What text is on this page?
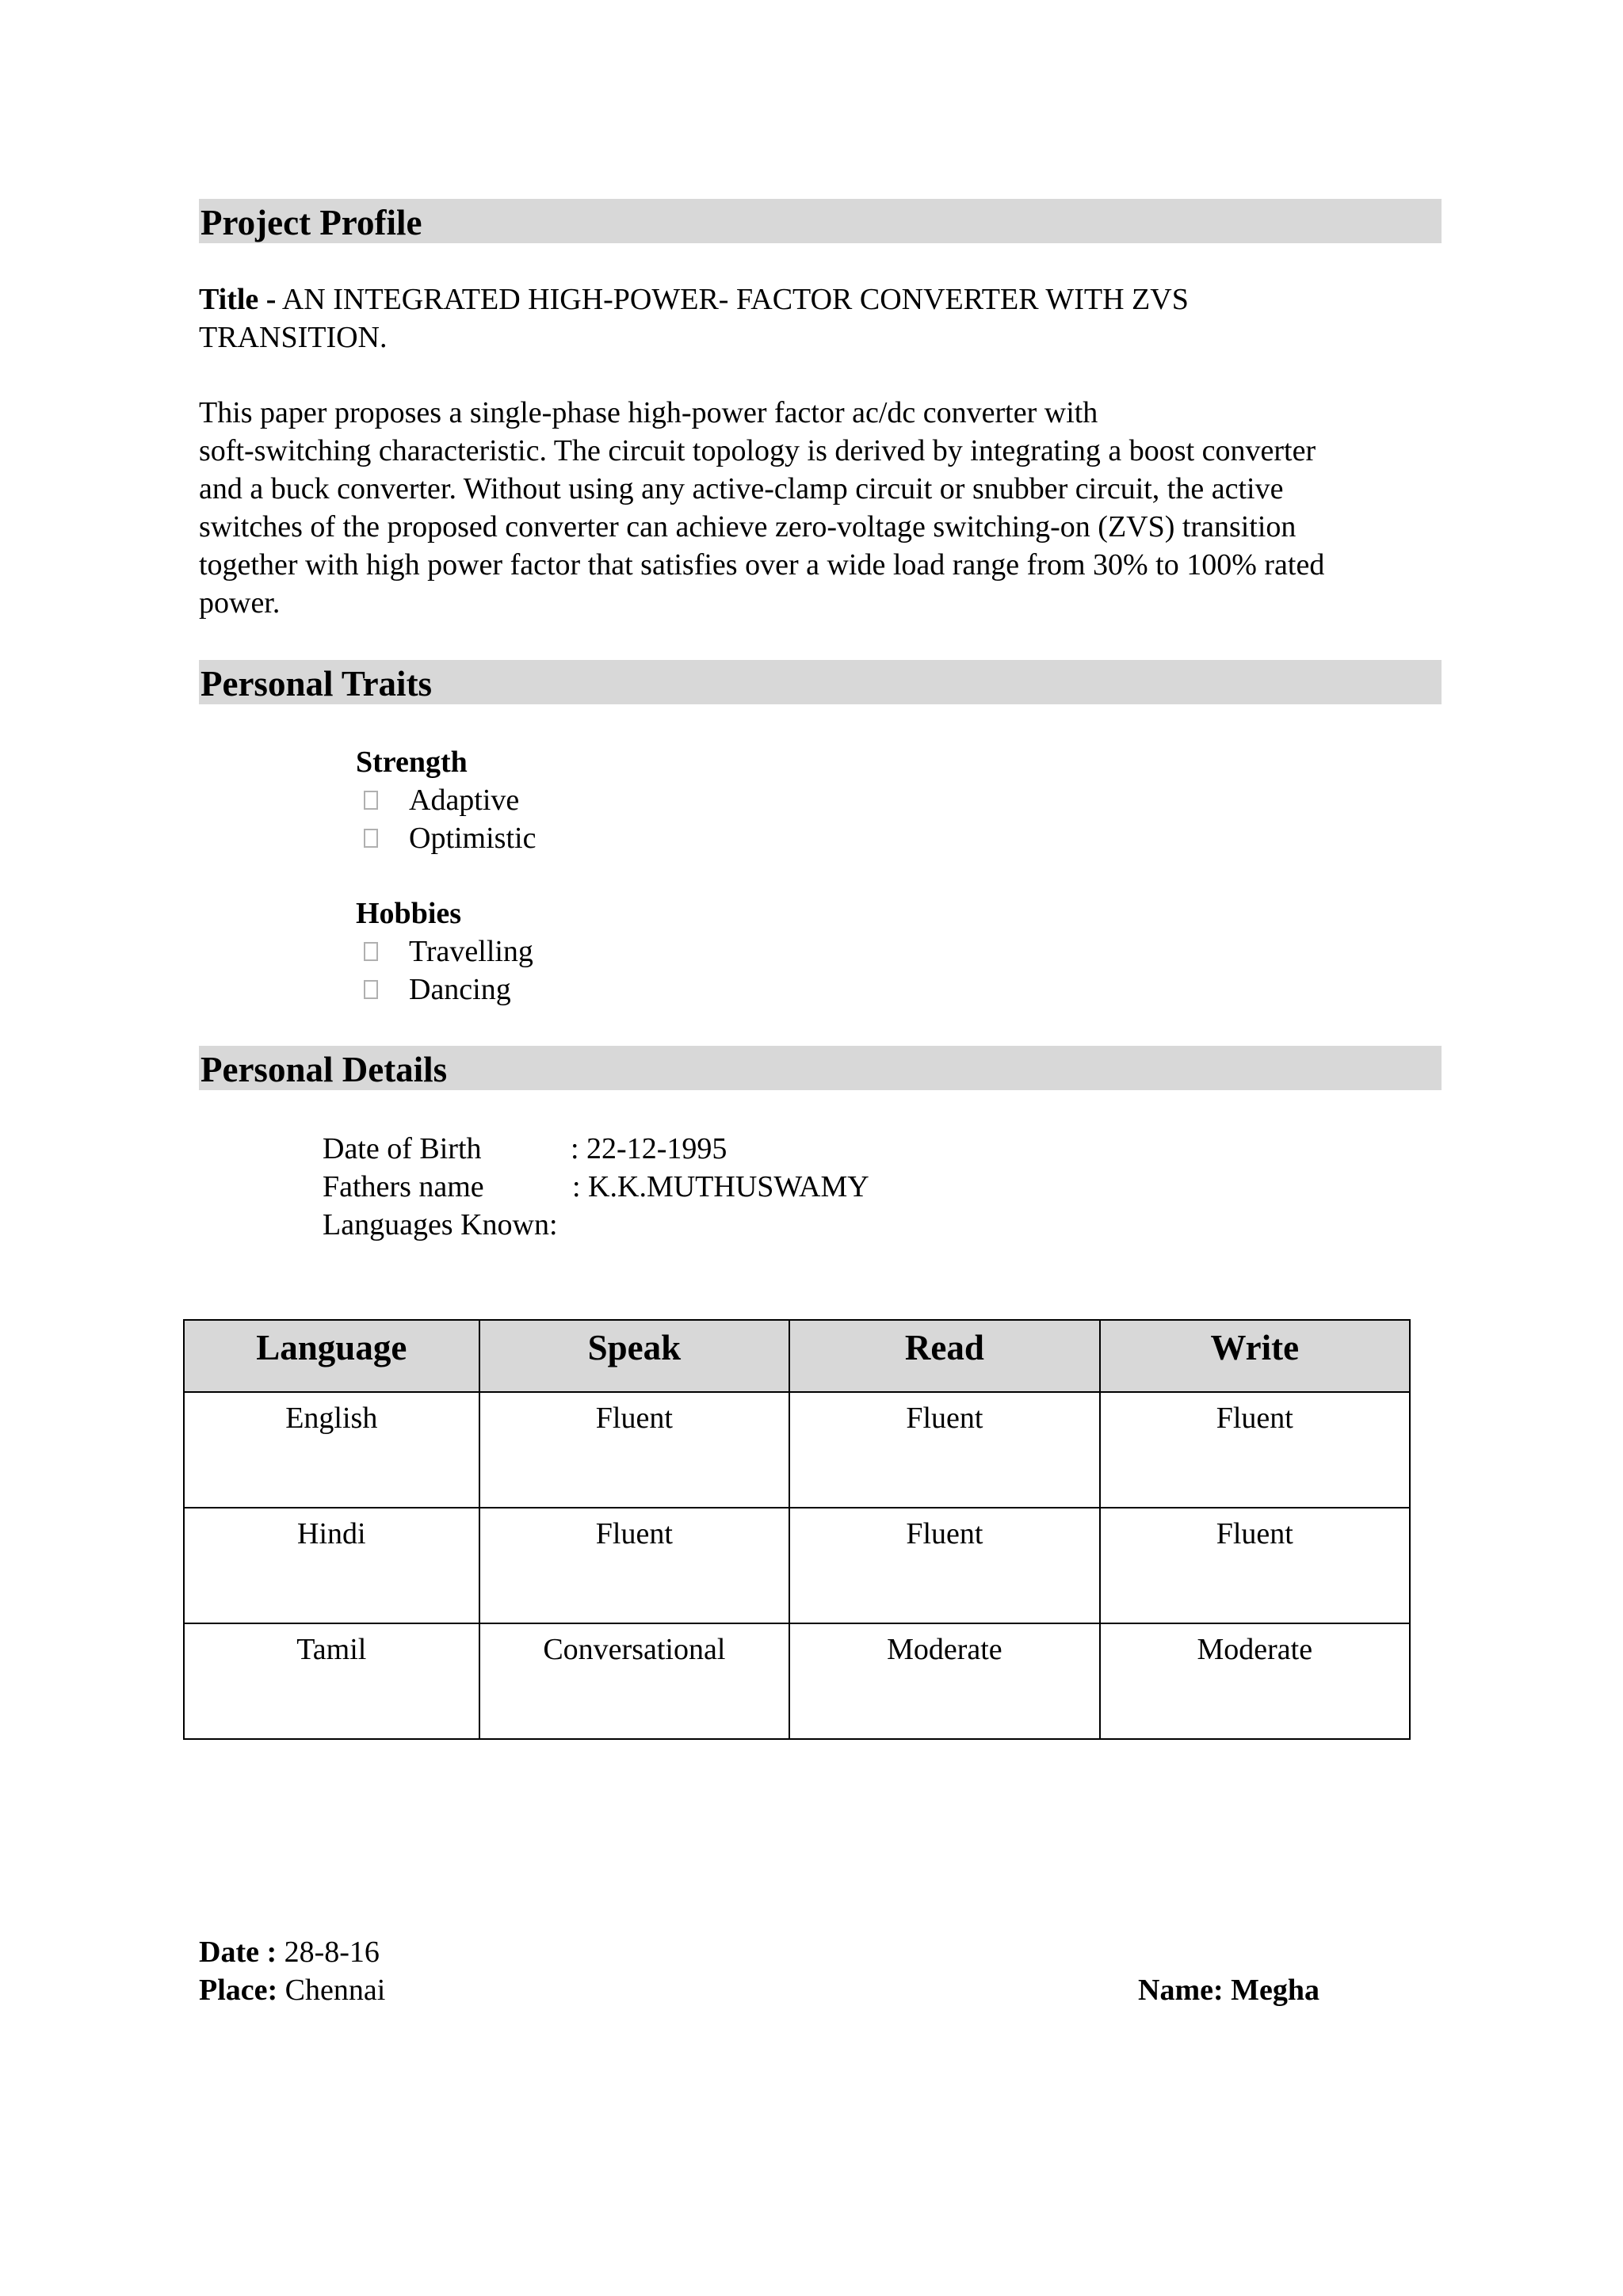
Project Profile
Title - AN INTEGRATED HIGH-POWER- FACTOR CONVERTER WITH ZVS
TRANSITION.
This paper proposes a single-phase high-power factor ac/dc converter with
soft-switching characteristic. The circuit topology is derived by integrating a boost converter
and a buck converter. Without using any active-clamp circuit or snubber circuit, the active
switches of the proposed converter can achieve zero-voltage switching-on (ZVS) transition
together with high power factor that satisfies over a wide load range from 30% to 100% rated
power.
Personal Traits
Strength
Adaptive
Optimistic
Hobbies
Travelling
Dancing
Personal Details
Date of Birth	: 22-12-1995
Fathers name	: K.K.MUTHUSWAMY
Languages Known:
Language	Speak	Read	Write
English	Fluent	Fluent	Fluent
Hindi	Fluent	Fluent	Fluent
Tamil	Conversational	Moderate	Moderate
Date : 28-8-16
Place: Chennai	Name: Megha
